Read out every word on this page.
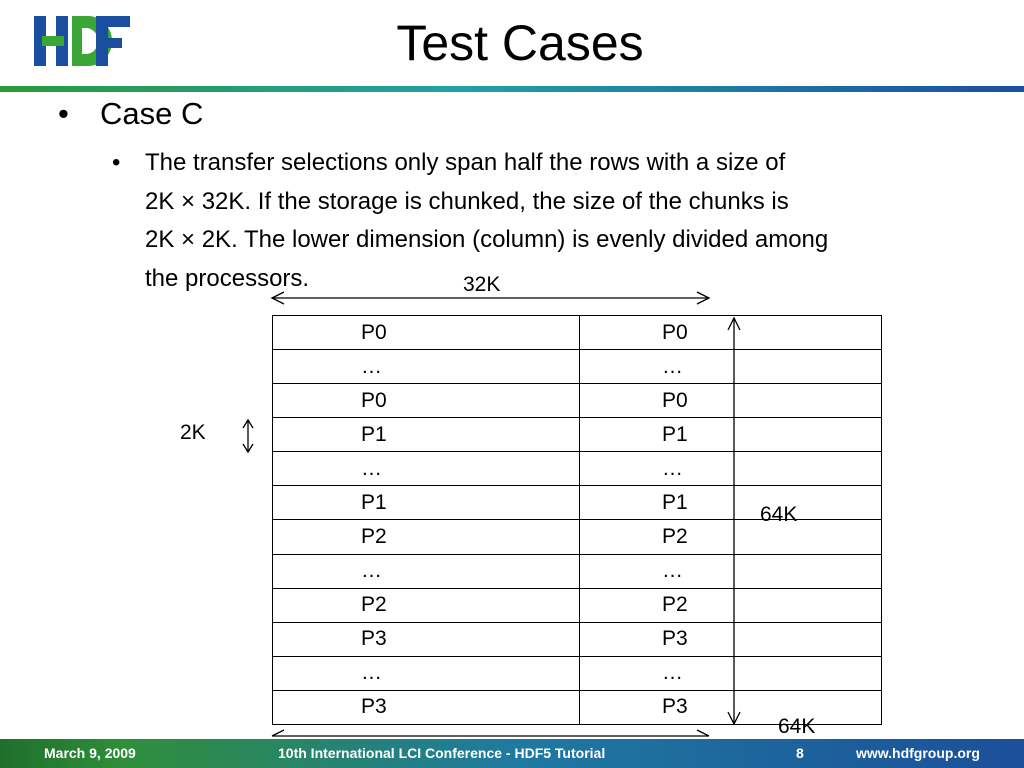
Test Cases
• Case C
• The transfer selections only span half the rows with a size of
2K × 32K. If the storage is chunked, the size of the chunks is
2K × 2K. The lower dimension (column) is evenly divided among
the processors.	32K
2K
64K
64K
P0	P0
…	…
P0	P0
P1	P1
…	…
P1	P1
P2	P2
…	…
P2	P2
P3	P3
…	…
P3	P3
March 9, 2009	10th International LCI Conference - HDF5 Tutorial	8	www.hdfgroup.org
